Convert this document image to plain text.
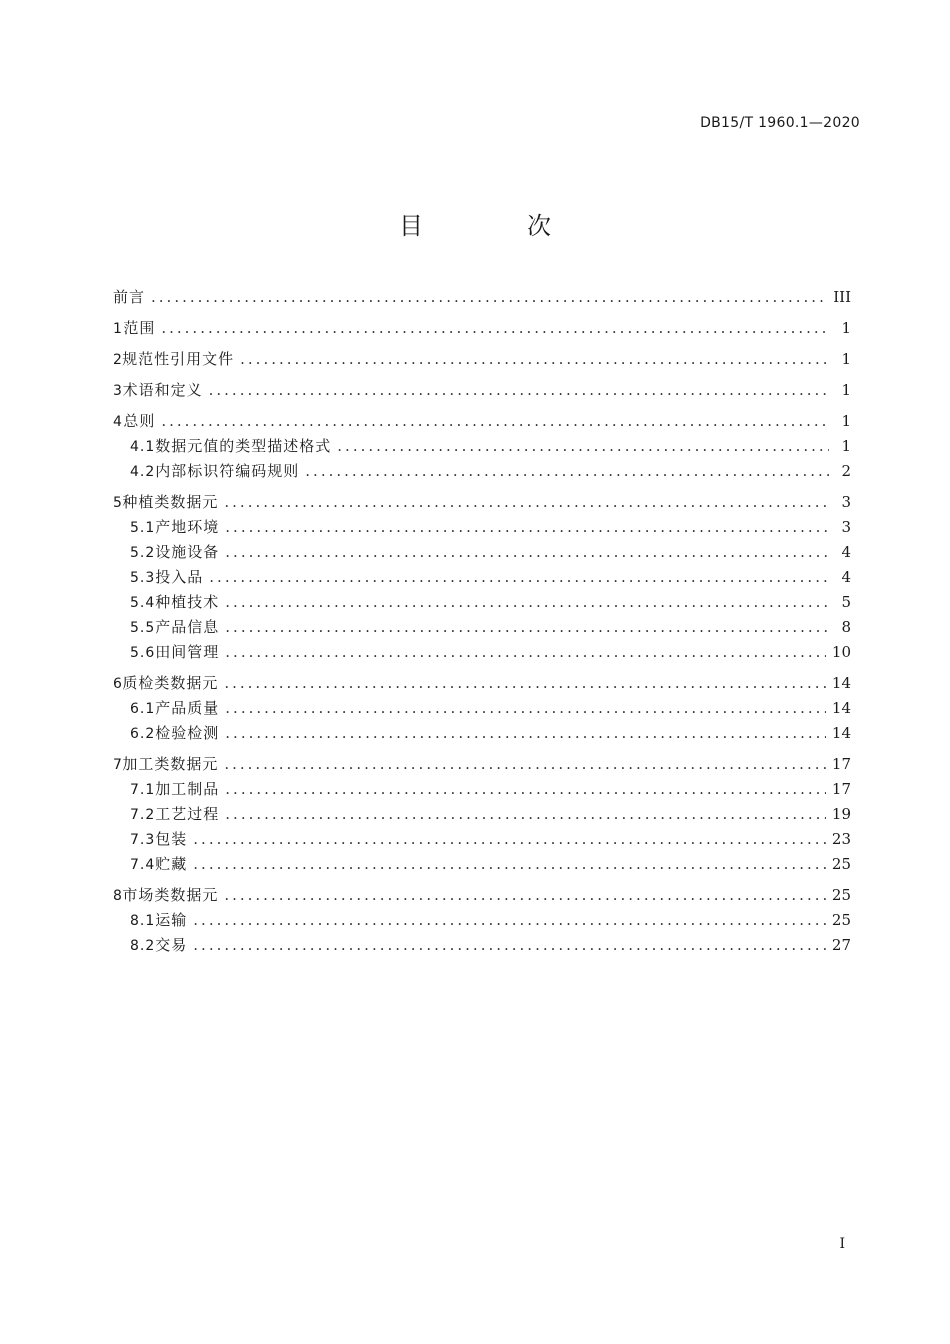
DB15/T 1960.1—2020
目　次
前言 .....	III
1 范围 .....	1
2 规范性引用文件 .....	1
3 术语和定义 .....	1
4 总则 .....	1
4.1 数据元值的类型描述格式 .....	1
4.2 内部标识符编码规则 .....	2
5 种植类数据元 .....	3
5.1 产地环境 .....	3
5.2 设施设备 .....	4
5.3 投入品 .....	4
5.4 种植技术 .....	5
5.5 产品信息 .....	8
5.6 田间管理 .....	10
6 质检类数据元 .....	14
6.1 产品质量 .....	14
6.2 检验检测 .....	14
7 加工类数据元 .....	17
7.1 加工制品 .....	17
7.2 工艺过程 .....	19
7.3 包装 .....	23
7.4 贮藏 .....	25
8 市场类数据元 .....	25
8.1 运输 .....	25
8.2 交易 .....	27
I
